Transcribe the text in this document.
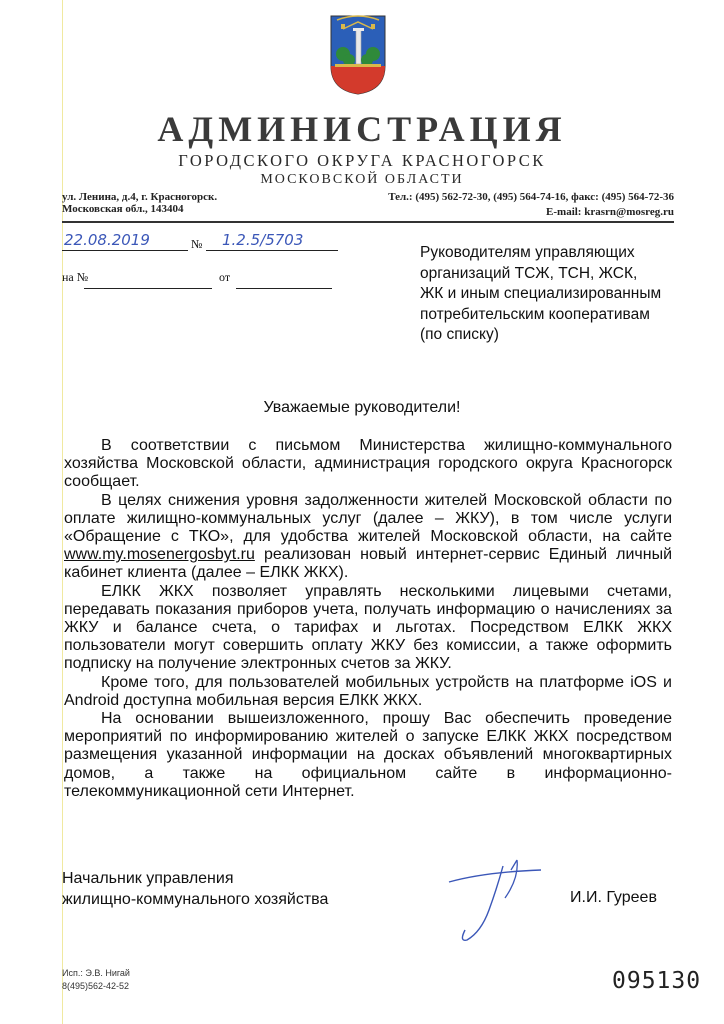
АДМИНИСТРАЦИЯ
ГОРОДСКОГО ОКРУГА КРАСНОГОРСК
МОСКОВСКОЙ ОБЛАСТИ
ул. Ленина, д.4, г. Красногорск.
Московская обл., 143404
Тел.: (495) 562-72-30, (495) 564-74-16, факс: (495) 564-72-36
E-mail: krasrn@mosreg.ru
22.08.2019	№ 1.2.5/5703
на №	от
Руководителям управляющих
организаций ТСЖ, ТСН, ЖСК,
ЖК и иным специализированным
потребительским кооперативам
(по списку)
Уважаемые руководители!

В соответствии с письмом Министерства жилищно-коммунального хозяйства Московской области, администрация городского округа Красногорск сообщает.

В целях снижения уровня задолженности жителей Московской области по оплате жилищно-коммунальных услуг (далее – ЖКУ), в том числе услуги «Обращение с ТКО», для удобства жителей Московской области, на сайте www.my.mosenergosbyt.ru реализован новый интернет-сервис Единый личный кабинет клиента (далее – ЕЛКК ЖКХ).

ЕЛКК ЖКХ позволяет управлять несколькими лицевыми счетами, передавать показания приборов учета, получать информацию о начислениях за ЖКУ и балансе счета, о тарифах и льготах. Посредством ЕЛКК ЖКХ пользователи могут совершить оплату ЖКУ без комиссии, а также оформить подписку на получение электронных счетов за ЖКУ.

Кроме того, для пользователей мобильных устройств на платформе iOS и Android доступна мобильная версия ЕЛКК ЖКХ.

На основании вышеизложенного, прошу Вас обеспечить проведение мероприятий по информированию жителей о запуске ЕЛКК ЖКХ посредством размещения указанной информации на досках объявлений многоквартирных домов, а также на официальном сайте в информационно-телекоммуникационной сети Интернет.

Начальник управления
жилищно-коммунального хозяйства	И.И. Гуреев
Исп.: Э.В. Нигай
8(495)562-42-52	095130
